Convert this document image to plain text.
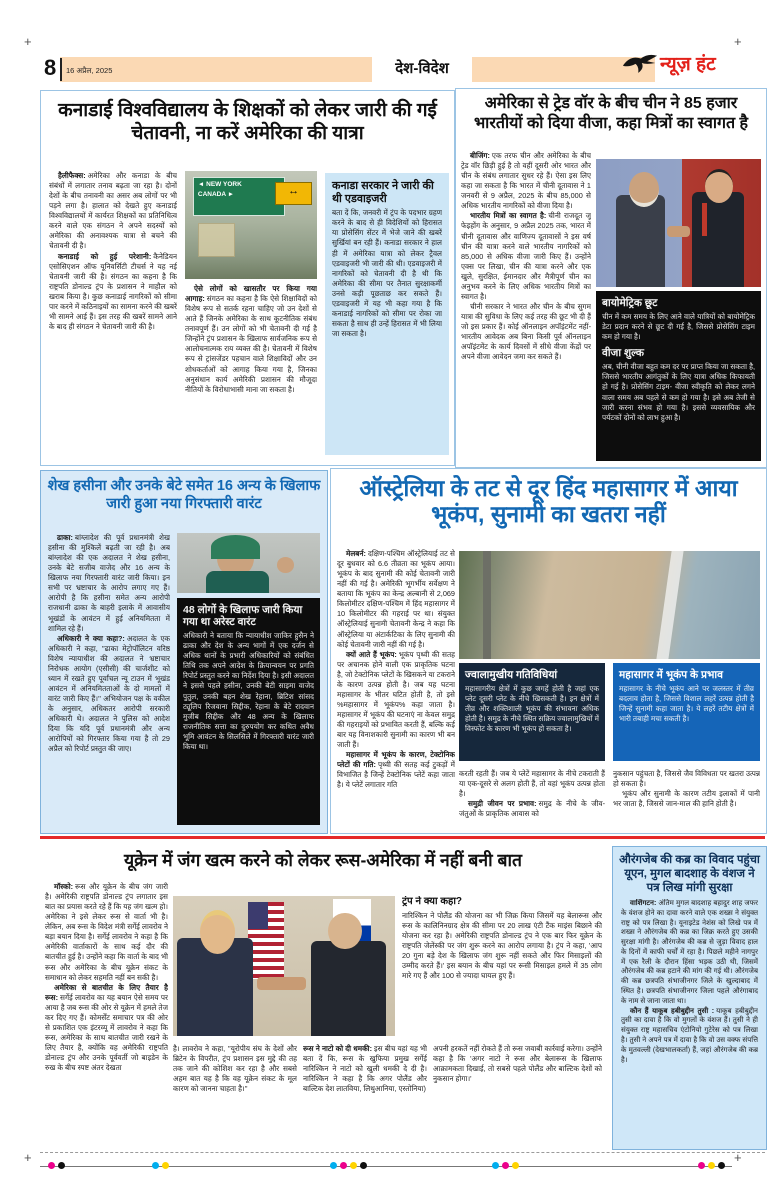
+	+
+	+
8 16 अप्रैल, 2025	देश-विदेश	न्यूज़ हंट
कनाडाई विश्वविद्यालय के शिक्षकों को लेकर जारी की गई चेतावनी, ना करें अमेरिका की यात्रा

हैलीफैक्स: अमेरिका और कनाडा के बीच संबंधों में लगातार तनाव बढ़ता जा रहा है। दोनों देशों के बीच तनावनी का असर अब लोगों पर भी पड़ने लगा है। हालात को देखते हुए कनाडाई विश्वविद्यालयों में कार्यरत शिक्षकों का प्रतिनिधित्व करने वाले एक संगठन ने अपने सदस्यों को अमेरिका की अनावश्यक यात्रा से बचने की चेतावनी दी है।

कनाडाई को हुई परेशानी: कैनेडियन एसोसिएशन ऑफ यूनिवर्सिटी टीचर्स ने यह नई चेतावनी जारी की है। संगठन का कहना है कि राष्ट्रपति डोनाल्ड ट्रंप के प्रशासन ने माहौल को खराब किया है। कुछ कनाडाई नागरिकों को सीमा पार करने में कठिनाइयों का सामना करने की खबरें भी सामने आई हैं। इस तरह की खबरें सामने आने के बाद ही संगठन ने चेतावनी जारी की है।

◄ NEW YORK
CANADA ►	↔

ऐसे लोगों को खासतौर पर किया गया आगाह: संगठन का कहना है कि ऐसे शिक्षाविदों को विशेष रूप से सतर्क रहना चाहिए जो उन देशों से आते हैं जिनके अमेरिका के साथ कूटनीतिक संबंध तनावपूर्ण हैं। उन लोगों को भी चेतावनी दी गई है जिन्होंने ट्रंप प्रशासन के खिलाफ सार्वजनिक रूप से आलोचनात्मक राय व्यक्त की है। चेतावनी में विशेष रूप से ट्रांसजेंडर पहचान वाले शिक्षाविदों और उन शोधकर्ताओं को आगाह किया गया है, जिनका अनुसंधान कार्य अमेरिकी प्रशासन की मौजूदा नीतियों के विरोधाभासी माना जा सकता है।

कनाडा सरकार ने जारी की थी एडवाइजरी
बता दें कि, जनवरी में ट्रंप के पदभार ग्रहण करने के बाद से ही विदेशियों को हिरासत या प्रोसेसिंग सेंटर में भेजे जाने की खबरें सुर्खियां बन रही हैं। कनाडा सरकार ने हाल ही में अमेरिका यात्रा को लेकर ट्रैवल एडवाइजरी भी जारी की थी। एडवाइजरी में नागरिकों को चेतावनी दी है थी कि अमेरिका की सीमा पर तैनात सुरक्षाकर्मी उनसे कड़ी पूछताछ कर सकते हैं। एडवाइजरी में यह भी कहा गया है कि कनाडाई नागरिकों को सीमा पर रोका जा सकता है साथ ही उन्हें हिरासत में भी लिया जा सकता है।
अमेरिका से ट्रेड वॉर के बीच चीन ने 85 हजार भारतीयों को दिया वीजा, कहा मित्रों का स्वागत है

बीजिंग: एक तरफ चीन और अमेरिका के बीच ट्रेड वॉर छिड़ी हुई है तो वहीं दूसरी ओर भारत और चीन के संबंध लगातार सुधर रहे हैं। ऐसा इस लिए कहा जा सकता है कि भारत में चीनी दूतावास ने 1 जनवरी से 9 अप्रैल, 2025 के बीच 85,000 से अधिक भारतीय नागरिकों को वीजा दिया है।

भारतीय मित्रों का स्वागत है: चीनी राजदूत जू फेइहोंग के अनुसार, 9 अप्रैल 2025 तक, भारत में चीनी दूतावास और वाणिज्य दूतावासों ने इस वर्ष चीन की यात्रा करने वाले भारतीय नागरिकों को 85,000 से अधिक वीजा जारी किए हैं। उन्होंने एक्स पर लिखा, चीन की यात्रा करने और एक खुले, सुरक्षित, ईमानदार और मैत्रीपूर्ण चीन का अनुभव करने के लिए अधिक भारतीय मित्रों का स्वागत है।

चीनी सरकार ने भारत और चीन के बीच सुगम यात्रा की सुविधा के लिए कई तरह की छूट भी दी हैं जो इस प्रकार हैं। कोई ऑनलाइन अपॉइंटमेंट नहीं- भारतीय आवेदक अब बिना किसी पूर्व ऑनलाइन अपॉइंटमेंट के कार्य दिवसों में सीधे वीजा केंद्रों पर अपने वीजा आवेदन जमा कर सकते हैं।

बायोमेट्रिक छूट
चीन में कम समय के लिए आने वाले यात्रियों को बायोमेट्रिक डेटा प्रदान करने से छूट दी गई है, जिससे प्रोसेसिंग टाइम कम हो गया है।
वीजा शुल्क
अब, चीनी वीजा बहुत कम दर पर प्राप्त किया जा सकता है, जिससे भारतीय आगंतुकों के लिए यात्रा अधिक किफायती हो गई है। प्रोसेसिंग टाइम- वीजा स्वीकृति को लेकर लगने वाला समय अब पहले से कम हो गया है। इसे अब तेजी से जारी करना संभव हो गया है। इससे व्यवसायिक और पर्यटकों दोनों को लाभ हुआ है।
शेख हसीना और उनके बेटे समेत 16 अन्य के खिलाफ जारी हुआ नया गिरफ्तारी वारंट

ढाका: बांग्लादेश की पूर्व प्रधानमंत्री शेख हसीना की मुश्किलें बढ़ती जा रही है। अब बांग्लादेश की एक अदालत ने शेख हसीना, उनके बेटे सजीब वाजेद और 16 अन्य के खिलाफ नया गिरफ्तारी वारंट जारी किया। इन सभी पर भ्रष्टाचार के आरोप लगाए गए हैं। आरोपी है कि हसीना समेत अन्य आरोपी राजधानी ढाका के बाहरी इलाके में आवासीय भूखंडों के आवंटन में हुई अनियमितता में शामिल रहे हैं।

अधिकारी ने क्या कहा?: अदालत के एक अधिकारी ने कहा, ''ढाका मेट्रोपॉलिटन वरिष्ठ विशेष न्यायाधीश की अदालत ने भ्रष्टाचार निरोधक आयोग (एसीसी) की चार्जशीट को ध्यान में रखते हुए पूर्वांचल न्यू टाउन में भूखंड आवंटन में अनियमितताओं के दो मामलों में वारंट जारी किए हैं।'' अभियोजन पक्ष के वकील के अनुसार, अधिकतर आरोपी सरकारी अधिकारी थे। अदालत ने पुलिस को आदेश दिया कि यदि पूर्व प्रधानमंत्री और अन्य आरोपियों को गिरफ्तार किया गया है तो 29 अप्रैल को रिपोर्ट प्रस्तुत की जाए।

48 लोगों के खिलाफ जारी किया गया था अरेस्ट वारंट
अधिकारी ने बताया कि न्यायाधीश जाकिर हुसैन ने ढाका और देश के अन्य भागों में एक दर्जन से अधिक थानों के प्रभारी अधिकारियों को संबंधित तिथि तक अपने आदेश के क्रियान्वयन पर प्रगति रिपोर्ट प्रस्तुत करने का निर्देश दिया है। इसी अदालत ने इससे पहले हसीना, उनकी बेटी साइमा वाजेद पुतुल, उनकी बहन शेख रेहाना, ब्रिटिश सांसद ट्यूलिप रिजवाना सिद्दीक, रेहाना के बेटे रादवान मुजीब सिद्दीक और 48 अन्य के खिलाफ राजनीतिक सत्ता का दुरुपयोग कर कथित अवैध भूमि आवंटन के सिलसिले में गिरफ्तारी वारंट जारी किया था।
ऑस्ट्रेलिया के तट से दूर हिंद महासागर में आया भूकंप, सुनामी का खतरा नहीं

मेलबर्न: दक्षिण-पश्चिम ऑस्ट्रेलियाई तट से दूर बुधवार को 6.6 तीव्रता का भूकंप आया। भूकंप के बाद सुनामी की कोई चेतावनी जारी नहीं की गई है। अमेरिकी भूगर्भीय सर्वेक्षण ने बताया कि भूकंप का केन्द्र अल्बानी से 2,069 किलोमीटर दक्षिण-पश्चिम में हिंद महासागर में 10 किलोमीटर की गहराई पर था। संयुक्त ऑस्ट्रेलियाई सुनामी चेतावनी केन्द्र ने कहा कि ऑस्ट्रेलिया या अंटार्कटिका के लिए सुनामी की कोई चेतावनी जारी नहीं की गई है।

क्यों आते हैं भूकंप: भूकंप पृथ्वी की सतह पर अचानक होने वाली एक प्राकृतिक घटना है, जो टेक्टोनिक प्लेटों के खिसकने या टकराने के कारण उत्पन्न होती है। जब यह घटना महासागर के भीतर घटित होती है, तो इसे %महासागर में भूकंप% कहा जाता है। महासागर में भूकंप की घटनाएं ना केवल समुद्र की गहराइयों को प्रभावित करती हैं, बल्कि कई बार यह विनाशकारी सुनामी का कारण भी बन जाती हैं।

महासागर में भूकंप के कारण, टेक्टोनिक प्लेटों की गति: पृथ्वी की सतह कई टुकड़ों में विभाजित है जिन्हें टेक्टोनिक प्लेटें कहा जाता है। ये प्लेटें लगातार गति

ज्वालामुखीय गतिविधियां
महासागरीय क्षेत्रों में कुछ जगहें होती है जहां एक प्लेट दूसरी प्लेट के नीचे खिसकती है। इन क्षेत्रों में तीव्र और शक्तिशाली भूकंप की संभावना अधिक होती है। समुद्र के नीचे स्थित सक्रिय ज्वालामुखियों में विस्फोट के कारण भी भूकंप हो सकता है।
महासागर में भूकंप के प्रभाव
महासागर के नीचे भूकंप आने पर जलस्तर में तीव्र बदलाव होता है, जिससे विशाल लहरें उत्पन्न होती है जिन्हें सुनामी कहा जाता है। ये लहरें तटीय क्षेत्रों में भारी तबाही मचा सकती है।

करती रहती हैं। जब ये प्लेटें महासागर के नीचे टकराती हैं या एक-दूसरे से अलग होती हैं, तो वहां भूकंप उत्पन्न होता है।

समुद्री जीवन पर प्रभाव: समुद्र के नीचे के जीव-जंतुओं के प्राकृतिक आवास को

नुकसान पहुंचता है, जिससे जैव विविधता पर खतरा उत्पन्न हो सकता है।

भूकंप और सुनामी के कारण तटीय इलाकों में पानी भर जाता है, जिससे जान-माल की हानि होती है।

यूक्रेन में जंग खत्म करने को लेकर रूस-अमेरिका में नहीं बनी बात

मॉस्को: रूस और यूक्रेन के बीच जंग जारी है। अमेरिकी राष्ट्रपति डोनाल्ड ट्रंप लगातार इस बात का प्रयास करते रहे हैं कि यह जंग खत्म हो। अमेरिका ने इसे लेकर रूस से वार्ता भी है। लेकिन, अब रूस के विदेश मंत्री सर्गेई लावरोव ने बड़ा बयान दिया है। सर्गेई लावरोव ने कहा है कि अमेरिकी वार्ताकारों के साथ कई दौर की बातचीत हुई है। उन्होंने कहा कि वार्ता के बाद भी रूस और अमेरिका के बीच यूक्रेन संकट के समाधान को लेकर सहमति नहीं बन सकी है।

अमेरिका से बातचीत के लिए तैयार है रूस: सर्गेई लावरोव का यह बयान ऐसे समय पर आया है जब रूस की ओर से यूक्रेन में हमले तेज कर दिए गए हैं। कोमर्सेंट समाचार पत्र की ओर से प्रकाशित एक इंटरव्यू में लावरोव ने कहा कि रूस, अमेरिका के साथ बातचीत जारी रखने के लिए तैयार है, क्योंकि वह अमेरिकी राष्ट्रपति डोनाल्ड ट्रंप और उनके पूर्ववर्ती जो बाइडेन के रुख के बीच स्पष्ट अंतर देखता

ट्रंप ने क्या कहा?

नारिश्किन ने पोलैंड की योजना का भी जिक्र किया जिसमें यह बेलारूस और रूस के कालिनिनग्राद क्षेत्र की सीमा पर 20 लाख एंटी टैंक माइंस बिछाने की योजना कर रहा है। अमेरिकी राष्ट्रपति डोनाल्ड ट्रंप ने एक बार फिर यूक्रेन के राष्ट्रपति जेलेंस्की पर जंग शुरू करने का आरोप लगाया है। ट्रंप ने कहा, 'आप 20 गुना बड़े देश के खिलाफ जंग शुरू नहीं सकते और फिर मिसाइलों की उम्मीद करते हैं।' इस बयान के बीच यहां पर रूसी मिसाइल हमले में 35 लोग मारे गए हैं और 100 से ज्यादा घायल हुए हैं।

है। लावरोव ने कहा, ''यूरोपीय संघ के देशों और ब्रिटेन के विपरीत, ट्रंप प्रशासन इस मुद्दे की तह तक जाने की कोशिश कर रहा है और सबसे अहम बात यह है कि वह यूक्रेन संकट के मूल कारण को जानना चाहता है।''

रूस ने नाटो को दी धमकी: इस बीच यहां यह भी बता दें कि, रूस के खुफिया प्रमुख सर्गेई नारिश्किन ने नाटो को खुली धमकी दे दी है। नारिश्किन ने कहा है कि अगर पोलैंड और बाल्टिक देश लातविया, लिथुआनिया, एस्तोनिया)

अपनी हरकतें नहीं रोकते हैं तो रूस जवाबी कार्रवाई करेगा। उन्होंने कहा है कि 'अगर नाटो ने रूस और बेलारूस के खिलाफ आक्रामकता दिखाई, तो सबसे पहले पोलैंड और बाल्टिक देशों को नुकसान होगा।'

औरंगजेब की कब्र का विवाद पहुंचा यूएन, मुगल बादशाह के वंशज ने पत्र लिख मांगी सुरक्षा

वाशिंगटन: अंतिम मुगल बादशाह बहादुर शाह जफर के वंशज होने का दावा करने वाले एक शख्स ने संयुक्त राष्ट्र को पत्र लिखा है। यूनाइटेड नेशंस को लिखे पत्र में शख्स ने औरंगजेब की कब्र का जिक्र करते हुए उसकी सुरक्षा मांगी है। औरंगजेब की कब्र से जुड़ा विवाद हाल के दिनों में काफी चर्चों में रहा है। पिछले महीने नागपुर में एक रैली के दौरान हिंसा भड़क उठी थी, जिसमें औरंगजेब की कब्र हटाने की मांग की गई थी। औरंगजेब की कब्र छत्रपति संभाजीनगर जिले के खुल्दाबाद में स्थित है। छत्रपति संभाजीनगर जिला पहले औरंगाबाद के नाम से जाना जाता था।

कौन हैं याकूब हबीबुद्दीन तुसी : याकूब हबीबुद्दीन तुसी का दावा है कि वो मुगलों के वंशज हैं। तुसी ने ही संयुक्त राष्ट्र महासचिव एंटोनियो गुटेरेस को पत्र लिखा है। तुसी ने अपने पत्र में दावा है कि वो उस वक्फ संपत्ति के मुतवल्ली (देखभालकर्ता) हैं, जहां औरंगजेब की कब्र है।
